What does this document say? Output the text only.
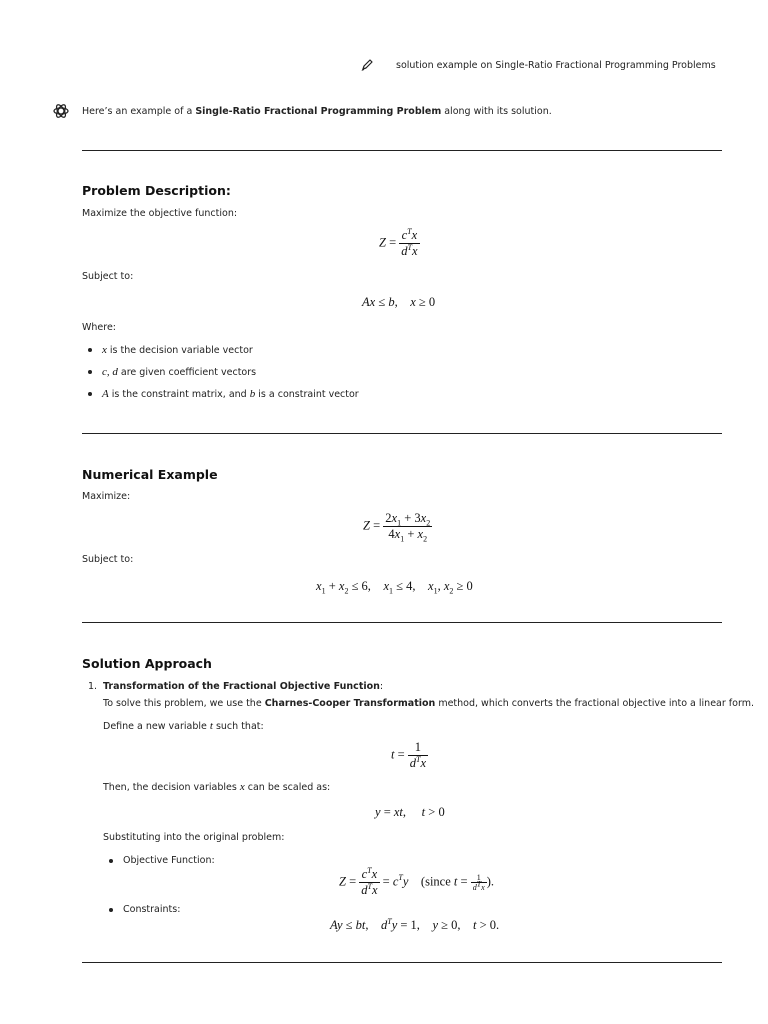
solution example on Single-Ratio Fractional Programming Problems
Here’s an example of a Single-Ratio Fractional Programming Problem along with its solution.
Problem Description:
Maximize the objective function:
$Z = \frac{c^Tx}{d^Tx}$
Subject to:
Ax ≤ b,    x ≥ 0
Where:
x is the decision variable vector
c, d are given coefficient vectors
A is the constraint matrix, and b is a constraint vector
Numerical Example
Maximize:
$Z = \frac{2x_1 + 3x_2}{4x_1 + x_2}$
Subject to:
$x_1 + x_2 \le 6$,    $x_1 \le 4$,    $x_1$, $x_2 \ge 0$
Solution Approach
1. Transformation of the Fractional Objective Function:
To solve this problem, we use the Charnes-Cooper Transformation method, which converts the fractional objective into a linear form.
Define a new variable t such that:
$t = \frac{1}{d^Tx}$
Then, the decision variables x can be scaled as:
y = xt,     t > 0
Substituting into the original problem:
Objective Function:
$Z = \frac{c^Tx}{d^Tx} = c^Ty$ (since $t = \frac{1}{d^Tx}$ ).
Constraints:
Ay ≤ bt,    $d^Ty = 1$,    y ≥ 0,    t > 0.
